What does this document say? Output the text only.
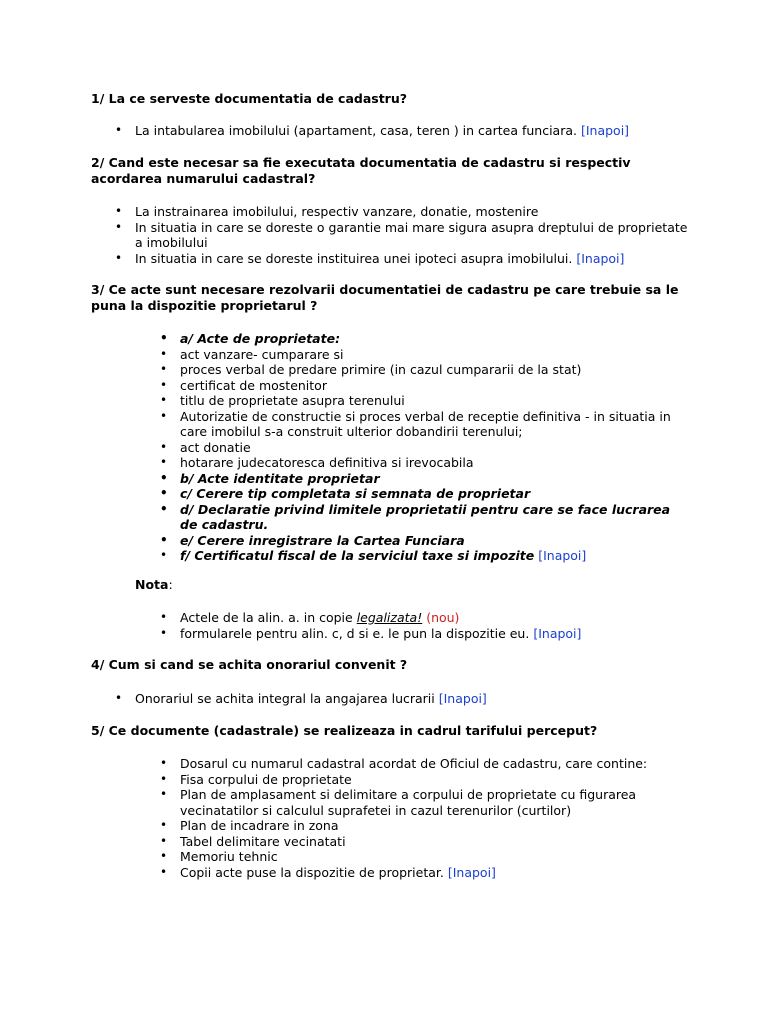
1/ La ce serveste documentatia de cadastru?
• La intabularea imobilului (apartament, casa, teren ) in cartea funciara. [Inapoi]
2/ Cand este necesar sa fie executata documentatia de cadastru si respectiv acordarea numarului cadastral?
• La instrainarea imobilului, respectiv vanzare, donatie, mostenire
• In situatia in care se doreste o garantie mai mare sigura asupra dreptului de proprietate a imobilului
• In situatia in care se doreste instituirea unei ipoteci asupra imobilului. [Inapoi]
3/ Ce acte sunt necesare rezolvarii documentatiei de cadastru pe care trebuie sa le puna la dispozitie proprietarul ?
• a/ Acte de proprietate:
• act vanzare- cumparare si
• proces verbal de predare primire (in cazul cumpararii de la stat)
• certificat de mostenitor
• titlu de proprietate asupra terenului
• Autorizatie de constructie si proces verbal de receptie definitiva - in situatia in care imobilul s-a construit ulterior dobandirii terenului;
• act donatie
• hotarare judecatoresca definitiva si irevocabila
• b/ Acte identitate proprietar
• c/ Cerere tip completata si semnata de proprietar
• d/ Declaratie privind limitele proprietatii pentru care se face lucrarea de cadastru.
• e/ Cerere inregistrare la Cartea Funciara
• f/ Certificatul fiscal de la serviciul taxe si impozite [Inapoi]
Nota:
• Actele de la alin. a. in copie legalizata! (nou)
• formularele pentru alin. c, d si e. le pun la dispozitie eu. [Inapoi]
4/ Cum si cand se achita onorariul convenit ?
• Onorariul se achita integral la angajarea lucrarii [Inapoi]
5/ Ce documente (cadastrale) se realizeaza in cadrul tarifului perceput?
• Dosarul cu numarul cadastral acordat de Oficiul de cadastru, care contine:
• Fisa corpului de proprietate
• Plan de amplasament si delimitare a corpului de proprietate cu figurarea vecinatatilor si calculul suprafetei in cazul terenurilor (curtilor)
• Plan de incadrare in zona
• Tabel delimitare vecinatati
• Memoriu tehnic
• Copii acte puse la dispozitie de proprietar. [Inapoi]
